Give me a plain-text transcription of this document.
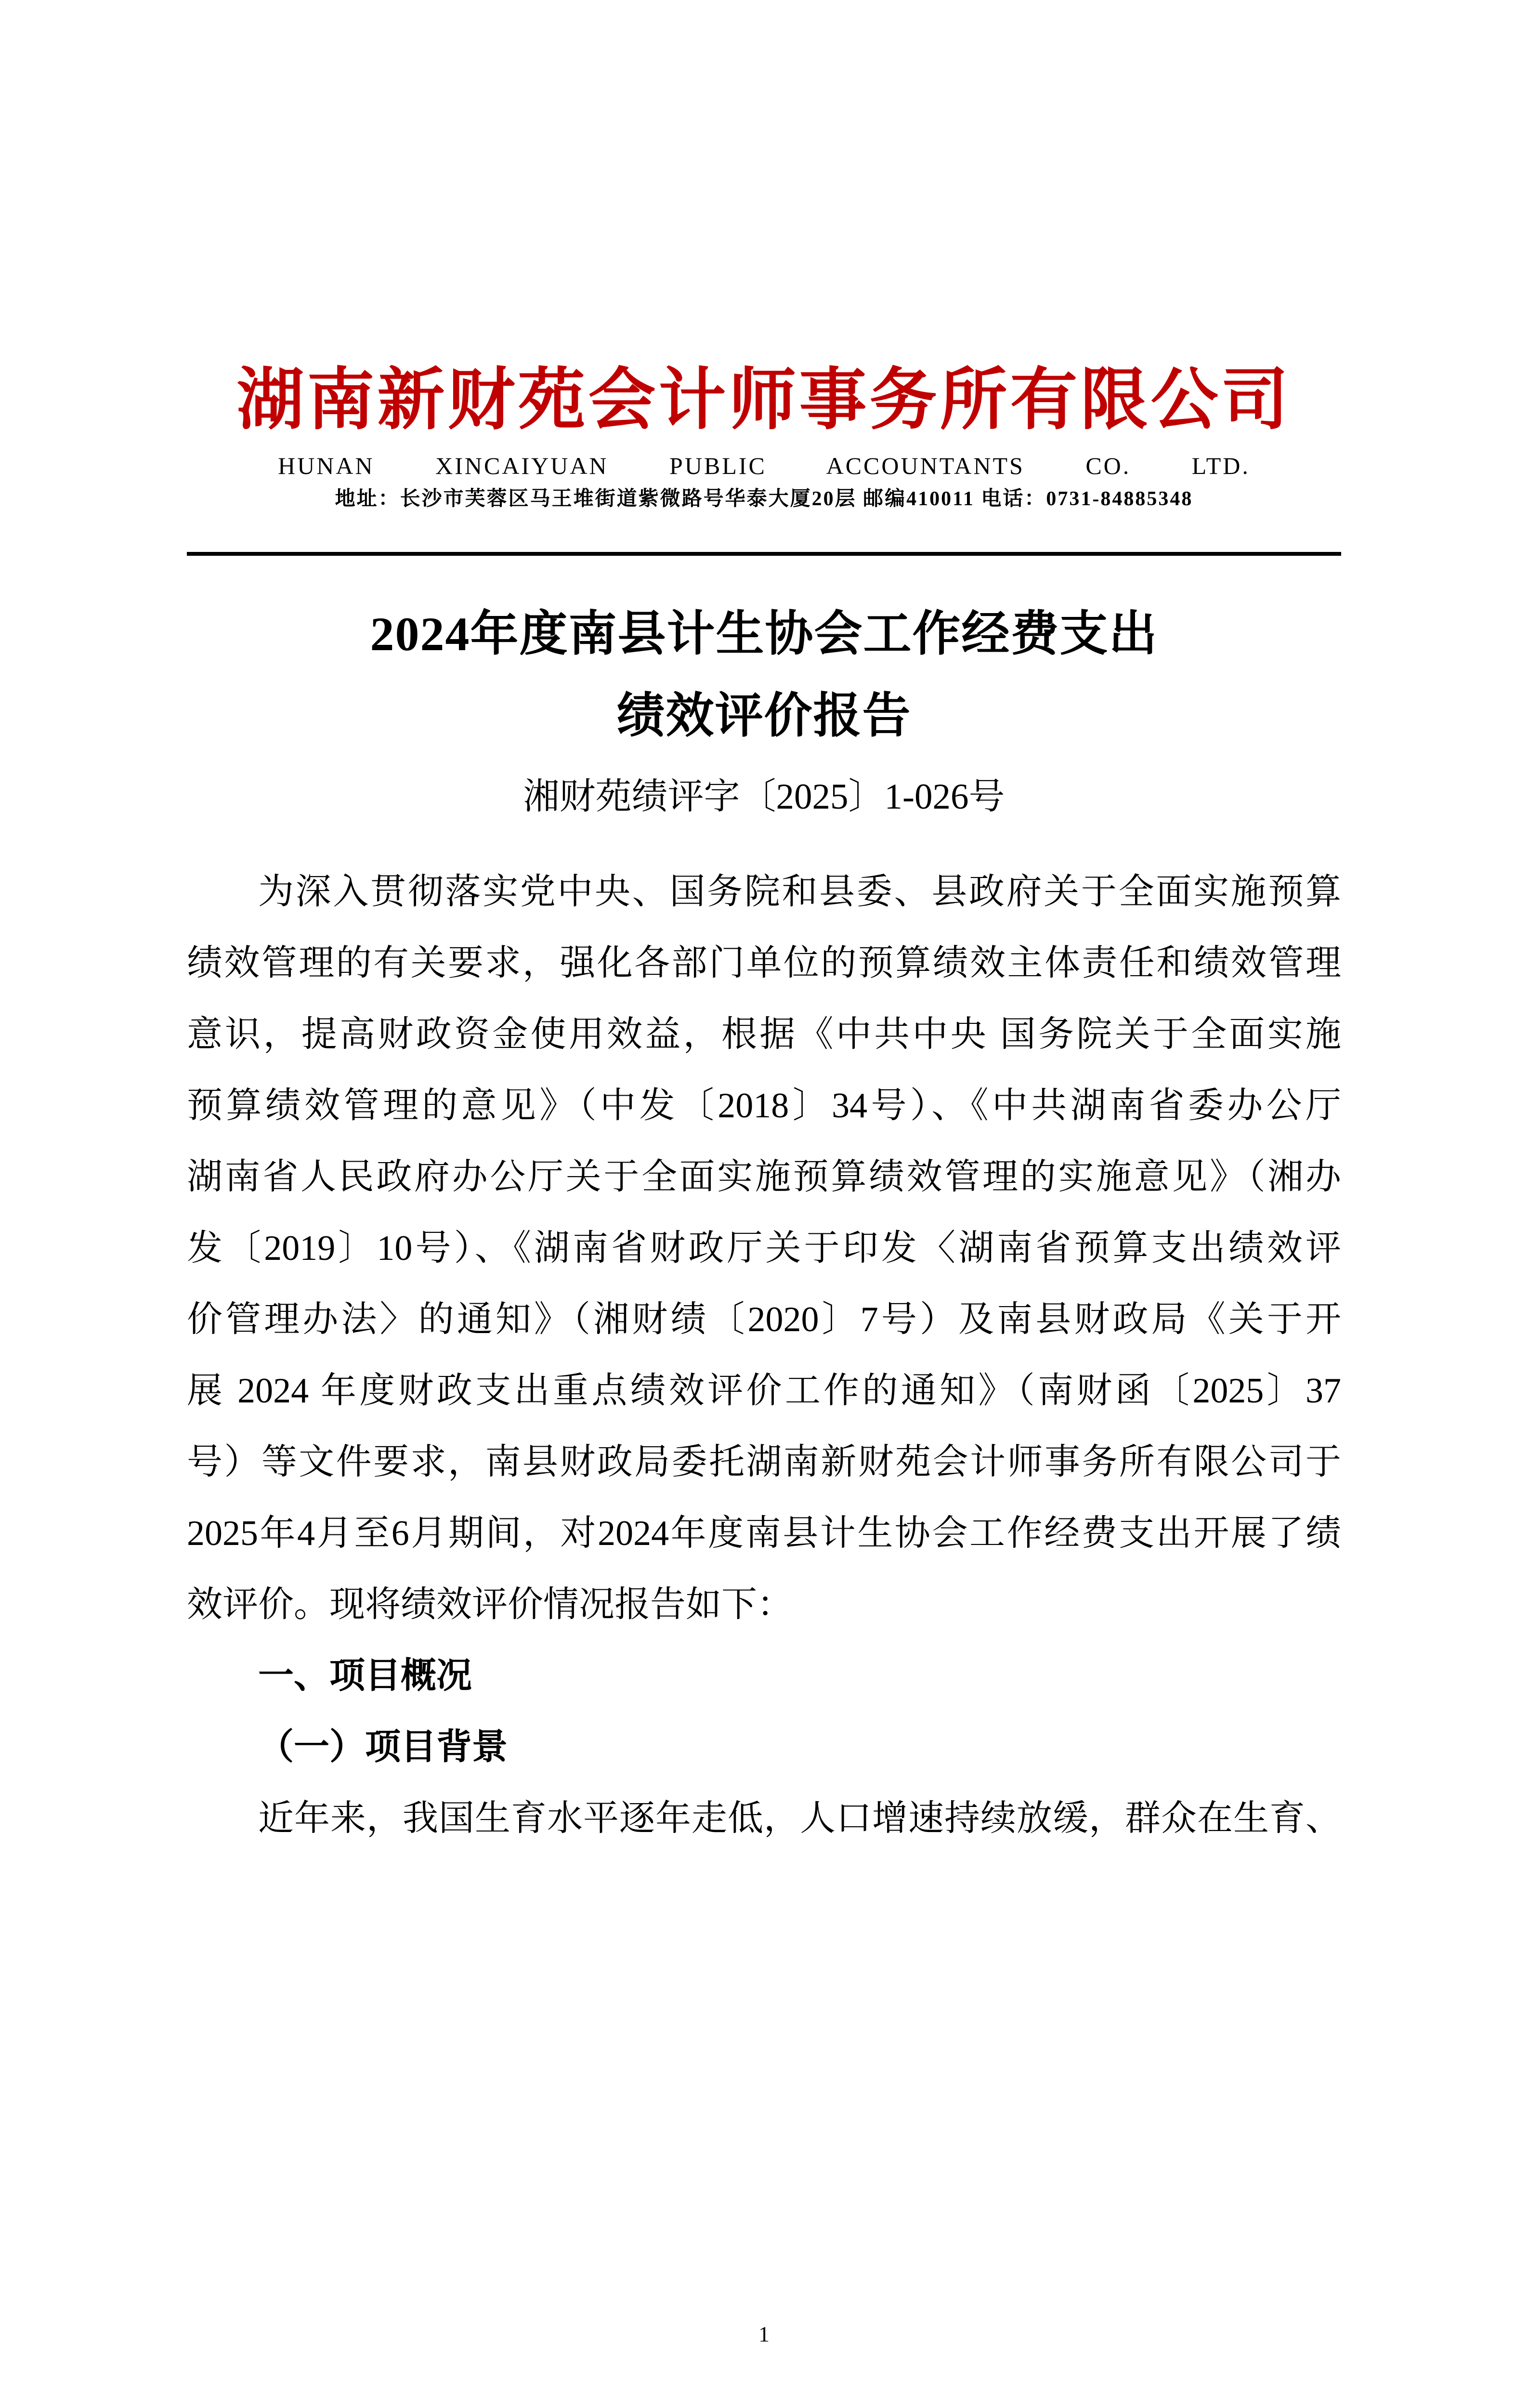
湖南新财苑会计师事务所有限公司
HUNAN XINCAIYUAN PUBLIC ACCOUNTANTS CO. LTD.
地址：长沙市芙蓉区马王堆街道紫微路号华泰大厦20层 邮编410011 电话：0731-84885348
2024年度南县计生协会工作经费支出
绩效评价报告
湘财苑绩评字〔2025〕1-026号
为深入贯彻落实党中央、国务院和县委、县政府关于全面实施预算
绩效管理的有关要求，强化各部门单位的预算绩效主体责任和绩效管理
意识，提高财政资金使用效益，根据《中共中央 国务院关于全面实施
预算绩效管理的意见》（中发〔2018〕34号）、《中共湖南省委办公厅
湖南省人民政府办公厅关于全面实施预算绩效管理的实施意见》（湘办
发〔2019〕10号）、《湖南省财政厅关于印发〈湖南省预算支出绩效评
价管理办法〉的通知》（湘财绩〔2020〕7号）及南县财政局《关于开
展 2024 年度财政支出重点绩效评价工作的通知》（南财函〔2025〕37
号）等文件要求，南县财政局委托湖南新财苑会计师事务所有限公司于
2025年4月至6月期间，对2024年度南县计生协会工作经费支出开展了绩
效评价。现将绩效评价情况报告如下：
一、项目概况
（一）项目背景
近年来，我国生育水平逐年走低，人口增速持续放缓，群众在生育、
1
